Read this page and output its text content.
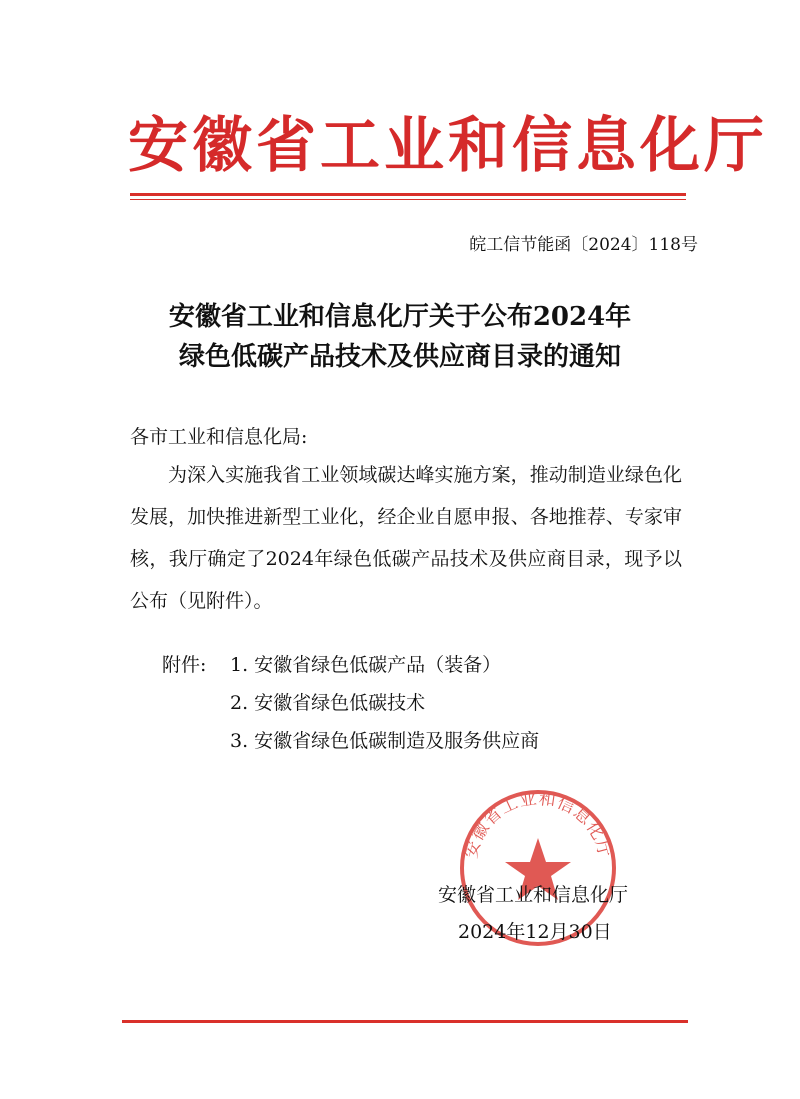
安徽省工业和信息化厅
皖工信节能函〔2024〕118号
安徽省工业和信息化厅关于公布2024年
绿色低碳产品技术及供应商目录的通知
各市工业和信息化局:
为深入实施我省工业领域碳达峰实施方案，推动制造业绿色化发展，加快推进新型工业化，经企业自愿申报、各地推荐、专家审核，我厅确定了2024年绿色低碳产品技术及供应商目录，现予以公布（见附件）。
附件: 1. 安徽省绿色低碳产品（装备）
2. 安徽省绿色低碳技术
3. 安徽省绿色低碳制造及服务供应商
安徽省工业和信息化厅
安徽省工业和信息化厅
2024年12月30日
